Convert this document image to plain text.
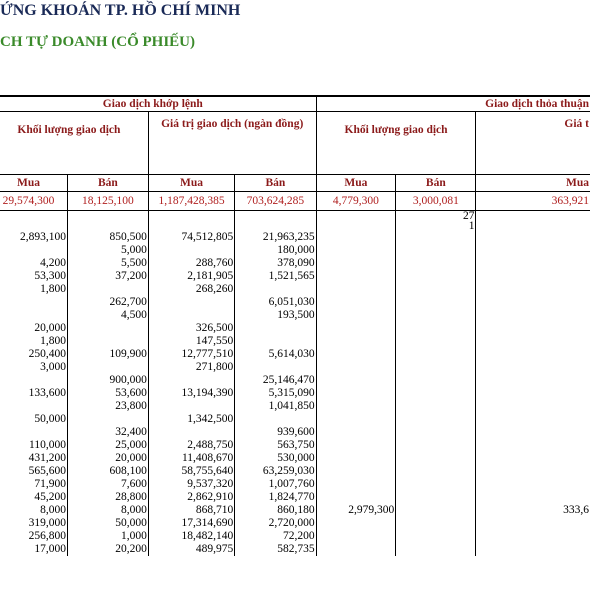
ỨNG KHOÁN TP. HỒ CHÍ MINH
CH TỰ DOANH (CỔ PHIẾU)
Giao dịch khớp lệnh				Giao dịch thỏa thuận		
Khối lượng giao dịch		Giá trị giao dịch (ngàn đồng)		Khối lượng giao dịch		Giá t
Mua	Bán	Mua	Bán	Mua	Bán	Mua
29,574,300	18,125,100	1,187,428,385	703,624,285	4,779,300	3,000,081	363,921
					27	
					1	
2,893,100	850,500	74,512,805	21,963,235			
	5,000		180,000			
4,200	5,500	288,760	378,090			
53,300	37,200	2,181,905	1,521,565			
1,800		268,260				
	262,700		6,051,030			
	4,500		193,500			
20,000		326,500				
1,800		147,550				
250,400	109,900	12,777,510	5,614,030			
3,000		271,800				
	900,000		25,146,470			
133,600	53,600	13,194,390	5,315,090			
	23,800		1,041,850			
50,000		1,342,500				
	32,400		939,600			
110,000	25,000	2,488,750	563,750			
431,200	20,000	11,408,670	530,000			
565,600	608,100	58,755,640	63,259,030			
71,900	7,600	9,537,320	1,007,760			
45,200	28,800	2,862,910	1,824,770			
8,000	8,000	868,710	860,180	2,979,300		333,6
319,000	50,000	17,314,690	2,720,000			
256,800	1,000	18,482,140	72,200			
17,000	20,200	489,975	582,735			
